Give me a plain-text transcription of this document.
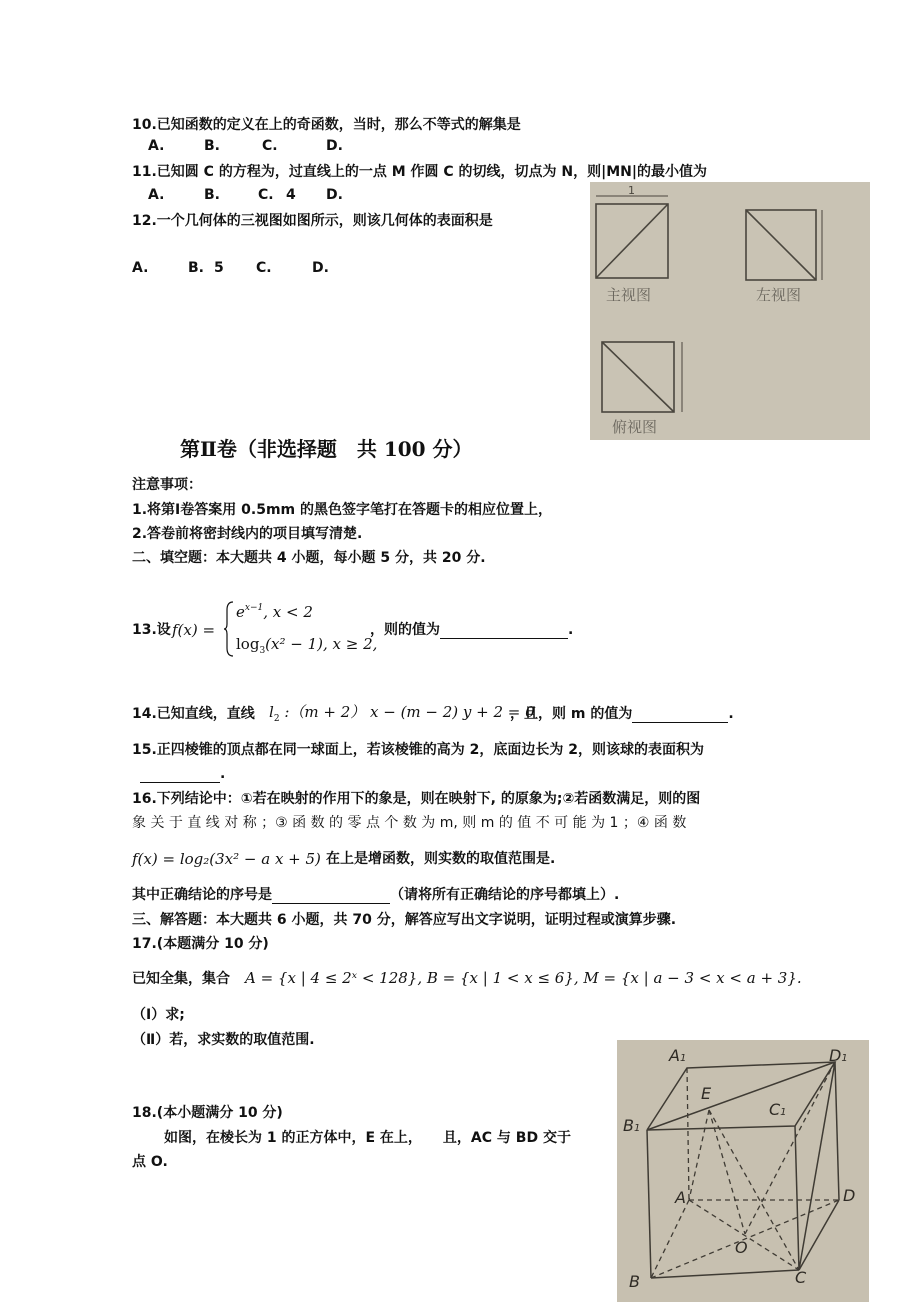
10.已知函数的定义在上的奇函数，当时，那么不等式的解集是
A.	B.	C.	D.
11.已知圆 C 的方程为，过直线上的一点 M 作圆 C 的切线，切点为 N，则|MN|的最小值为
A.	B.	C. 4 D.
12.一个几何体的三视图如图所示，则该几何体的表面积是
A.	B. 5 C.	D.
1
主视图	左视图
俯视图
第Ⅱ卷（非选择题　共 100 分）
注意事项：
1.将第Ⅰ卷答案用 0.5mm 的黑色签字笔打在答题卡的相应位置上，
2.答卷前将密封线内的项目填写清楚.
二、填空题：本大题共 4 小题，每小题 5 分，共 20 分.
13.设 f(x) =
$e^{x-1}$, x < 2
$\log_3(x^2 - 1)$, x ≥ 2,
，则的值为	.
14.已知直线，直线 $l_2$ :（m + 2） x − (m − 2) y + 2 = 0
，且，则 m 的值为	.
15.正四棱锥的顶点都在同一球面上，若该棱锥的高为 2，底面边长为 2，则该球的表面积为
.
16.下列结论中：①若在映射的作用下的象是，则在映射下, 的原象为;②若函数满足，则的图
象 关 于 直 线 对 称 ；③ 函 数 的 零 点 个 数 为 m, 则 m 的 值 不 可 能 为 1 ；④ 函 数
f(x) = log₂(3x² − a x + 5) 在上是增函数，则实数的取值范围是.
其中正确结论的序号是	（请将所有正确结论的序号都填上）.
三、解答题：本大题共 6 小题，共 70 分，解答应写出文字说明，证明过程或演算步骤.
17.(本题满分 10 分)
已知全集，集合 A = {x | 4 ≤ 2ˣ < 128}, B = {x | 1 < x ≤ 6}, M = {x | a − 3 < x < a + 3}.
（Ⅰ）求;
（Ⅱ）若，求实数的取值范围.
18.(本小题满分 10 分)
如图，在棱长为 1 的正方体中，E 在上，　　且，AC 与 BD 交于
点 O.
A1	D1
E
B1
C1
A	D
O
B	C
